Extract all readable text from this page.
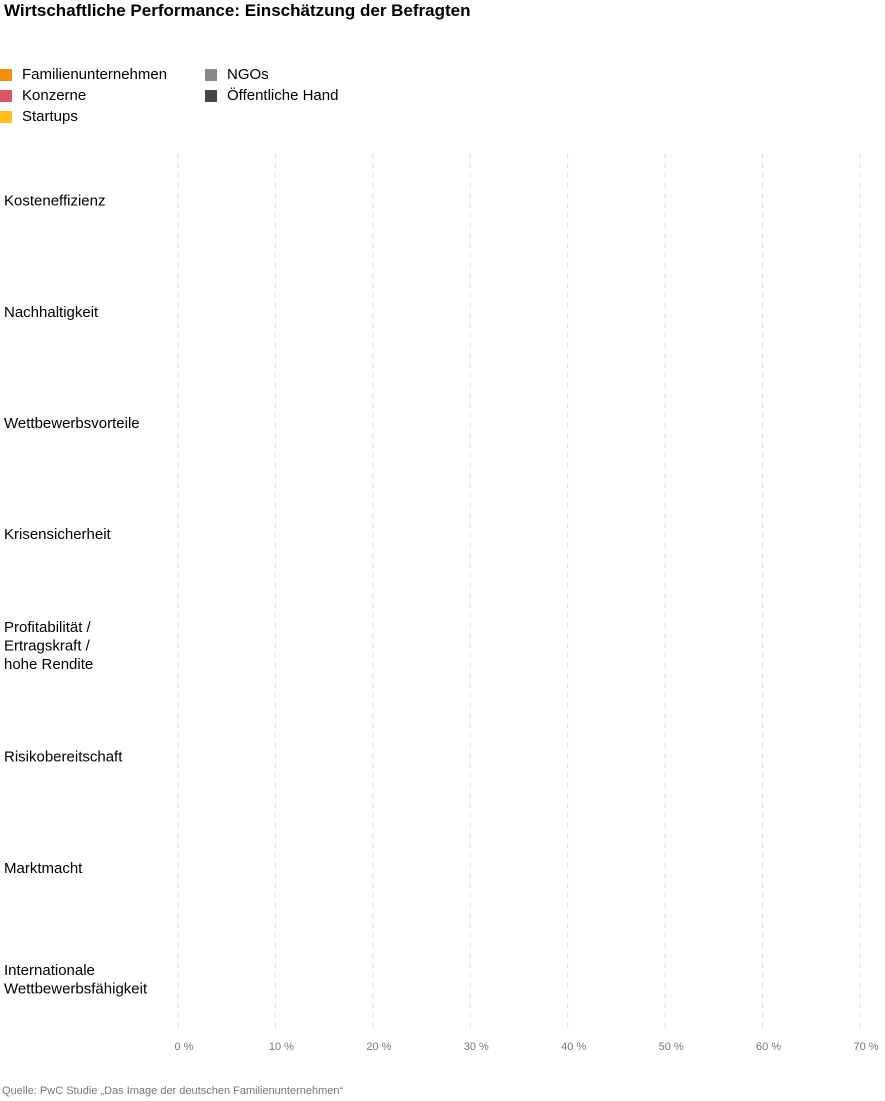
Wirtschaftliche Performance: Einschätzung der Befragten
Familienunternehmen
Konzerne
Startups
NGOs
Öffentliche Hand
0 %	10 %	20 %	30 %	40 %	50 %	60 %	70 %
Kosteneffizienz
Nachhaltigkeit
Wettbewerbsvorteile
Krisensicherheit
Profitabilität / Ertragskraft / hohe Rendite
Risikobereitschaft
Marktmacht
Internationale Wettbewerbsfähigkeit
Quelle: PwC Studie „Das Image der deutschen Familienunternehmen“
